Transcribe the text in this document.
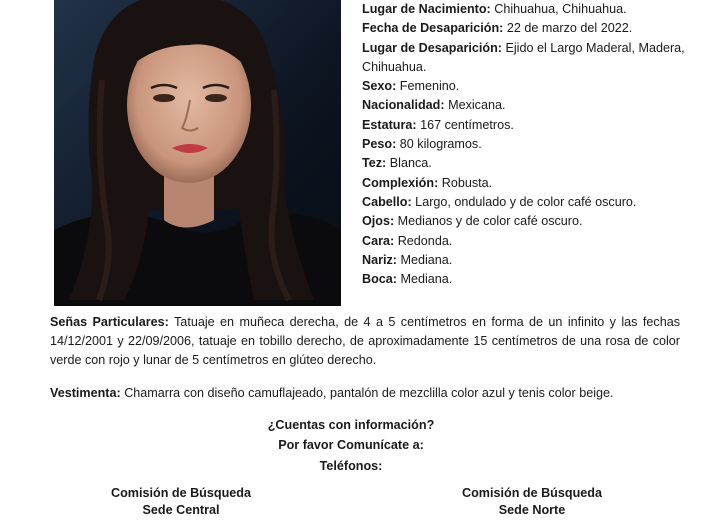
Lugar de Nacimiento: Chihuahua, Chihuahua.
Fecha de Desaparición: 22 de marzo del 2022.
Lugar de Desaparición: Ejido el Largo Maderal, Madera, Chihuahua.
Sexo: Femenino.
Nacionalidad: Mexicana.
Estatura: 167 centímetros.
Peso: 80 kilogramos.
Tez: Blanca.
Complexión: Robusta.
Cabello: Largo, ondulado y de color café oscuro.
Ojos: Medianos y de color café oscuro.
Cara: Redonda.
Nariz: Mediana.
Boca: Mediana.
Señas Particulares: Tatuaje en muñeca derecha, de 4 a 5 centímetros en forma de un infinito y las fechas 14/12/2001 y 22/09/2006, tatuaje en tobillo derecho, de aproximadamente 15 centímetros de una rosa de color verde con rojo y lunar de 5 centímetros en glúteo derecho.
Vestimenta: Chamarra con diseño camuflajeado, pantalón de mezclilla color azul y tenis color beige.
¿Cuentas con información?
Por favor Comunícate a:
Teléfonos:
Comisión de Búsqueda
Sede Central
Comisión de Búsqueda
Sede Norte
